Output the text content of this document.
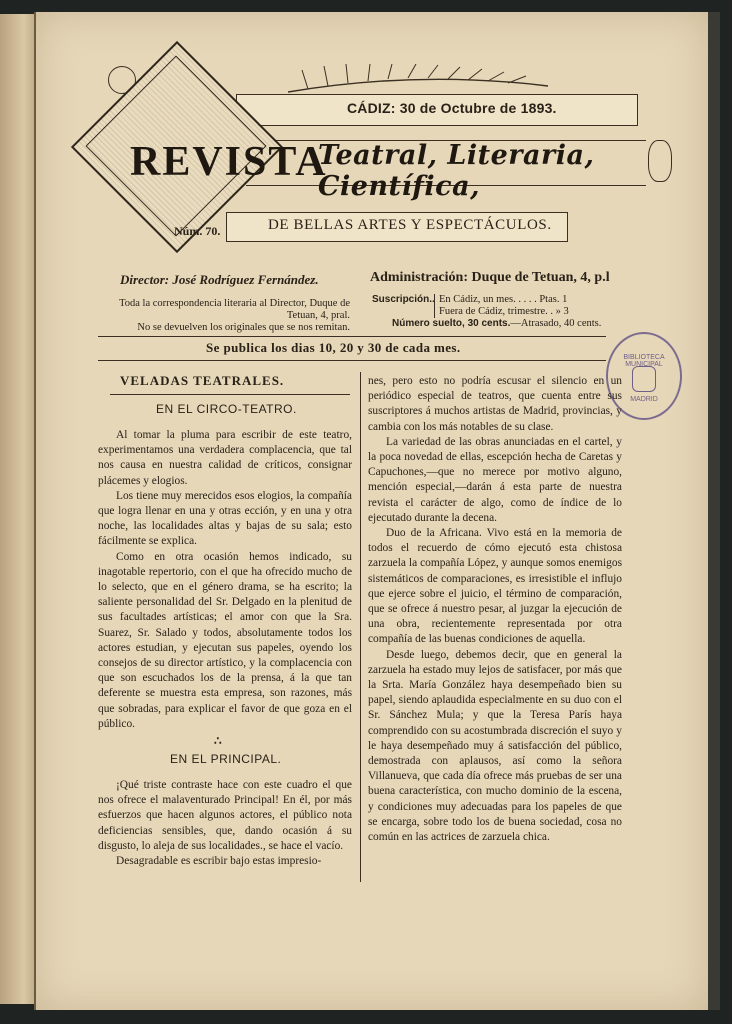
CÁDIZ: 30 de Octubre de 1893.
REVISTA
Teatral, Literaria, Científica,
Núm. 70.	DE BELLAS ARTES Y ESPECTÁCULOS.
Director: José Rodríguez Fernández.	Administración: Duque de Tetuan, 4, p.l
Toda la correspondencia literaria al Director, Duque de Tetuan, 4, pral.
No se devuelven los originales que se nos remitan.
Suscripción.. En Cádiz, un mes. . . . . Ptas. 1
Fuera de Cádiz, trimestre. . » 3
Número suelto, 30 cents.—Atrasado, 40 cents.
Se publica los dias 10, 20 y 30 de cada mes.
BIBLIOTECA MUNICIPAL
MADRID
VELADAS TEATRALES.
EN EL CIRCO-TEATRO.

Al tomar la pluma para escribir de este teatro, experimentamos una verdadera complacencia, que tal nos causa en nuestra calidad de críticos, consignar plácemes y elogios.

Los tiene muy merecidos esos elogios, la compañía que logra llenar en una y otras ección, y en una y otra noche, las localidades altas y bajas de su sala; esto fácilmente se explica.

Como en otra ocasión hemos indicado, su inagotable repertorio, con el que ha ofrecido mucho de lo selecto, que en el género drama, se ha escrito; la saliente personalidad del Sr. Delgado en la plenitud de sus facultades artísticas; el amor con que la Sra. Suarez, Sr. Salado y todos, absolutamente todos los actores estudian, y ejecutan sus papeles, oyendo los consejos de su director artístico, y la complacencia con que son escuchados los de la prensa, á la que tan deferente se muestra esta empresa, son razones, más que sobradas, para explicar el favor de que goza en el público.

∴
EN EL PRINCIPAL.

¡Qué triste contraste hace con este cuadro el que nos ofrece el malaventurado Principal! En él, por más esfuerzos que hacen algunos actores, el público nota deficiencias sensibles, que, dando ocasión á su disgusto, lo aleja de sus localidades., se hace el vacío.

Desagradable es escribir bajo estas impresio-

nes, pero esto no podría escusar el silencio en un periódico especial de teatros, que cuenta entre sus suscriptores á muchos artistas de Madrid, provincias, y cambia con los más notables de su clase.

La variedad de las obras anunciadas en el cartel, y la poca novedad de ellas, escepción hecha de Caretas y Capuchones,—que no merece por motivo alguno, mención especial,—darán á esta parte de nuestra revista el carácter de algo, como de índice de lo ejecutado durante la decena.

Duo de la Africana. Vivo está en la memoria de todos el recuerdo de cómo ejecutó esta chistosa zarzuela la compañía López, y aunque somos enemigos sistemáticos de comparaciones, es irresistible el influjo que ejerce sobre el juicio, el término de comparación, que se ofrece á nuestro pesar, al juzgar la ejecución de una obra, recientemente representada por otra compañía de las buenas condiciones de aquella.

Desde luego, debemos decir, que en general la zarzuela ha estado muy lejos de satisfacer, por más que la Srta. María González haya desempeñado bien su papel, siendo aplaudida especialmente en su duo con el Sr. Sánchez Mula; y que la Teresa París haya comprendido con su acostumbrada discreción el suyo y le haya desempeñado muy á satisfacción del público, demostrada con aplausos, así como la señora Villanueva, que cada día ofrece más pruebas de ser una buena característica, con mucho dominio de la escena, y condiciones muy adecuadas para los papeles de que se encarga, sobre todo los de buena sociedad, cosa no común en las actrices de zarzuela chica.
